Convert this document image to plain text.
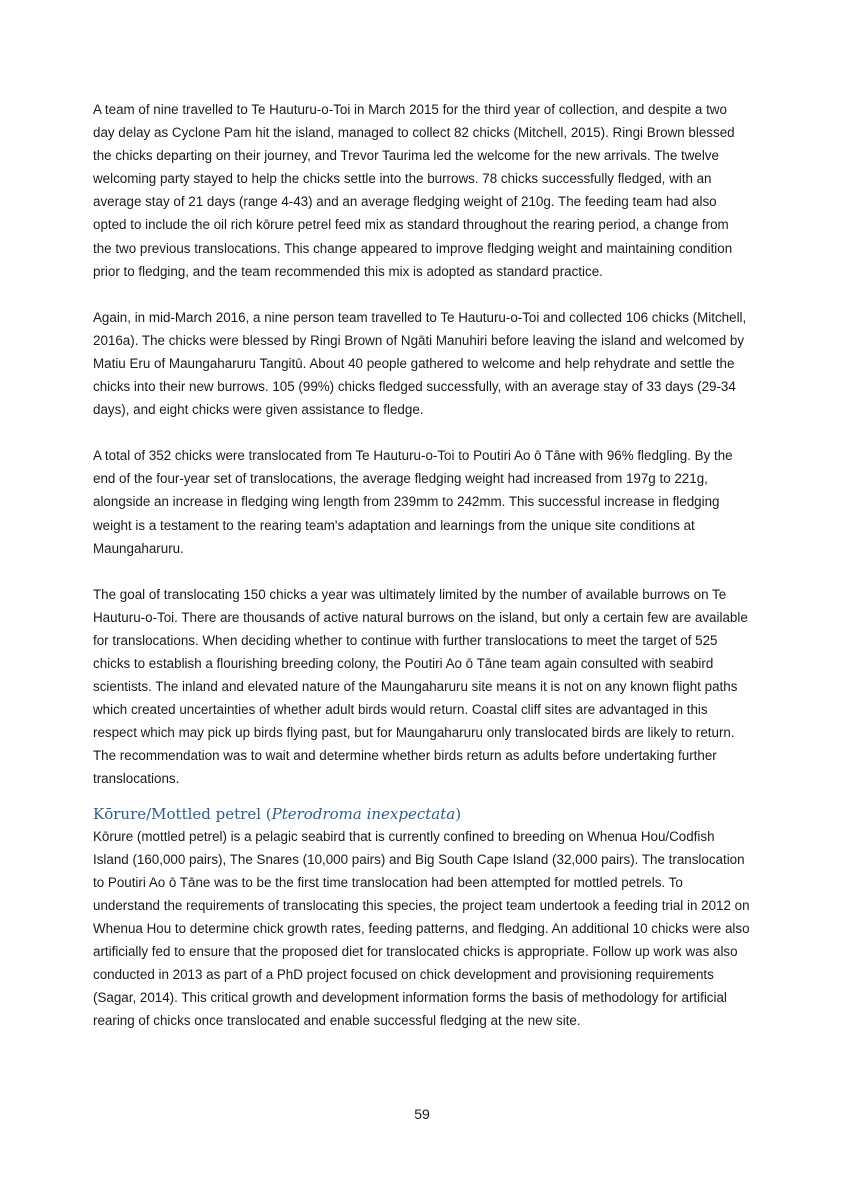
A team of nine travelled to Te Hauturu-o-Toi in March 2015 for the third year of collection, and despite a two day delay as Cyclone Pam hit the island, managed to collect 82 chicks (Mitchell, 2015). Ringi Brown blessed the chicks departing on their journey, and Trevor Taurima led the welcome for the new arrivals. The twelve welcoming party stayed to help the chicks settle into the burrows. 78 chicks successfully fledged, with an average stay of 21 days (range 4-43) and an average fledging weight of 210g. The feeding team had also opted to include the oil rich kōrure petrel feed mix as standard throughout the rearing period, a change from the two previous translocations. This change appeared to improve fledging weight and maintaining condition prior to fledging, and the team recommended this mix is adopted as standard practice.

Again, in mid-March 2016, a nine person team travelled to Te Hauturu-o-Toi and collected 106 chicks (Mitchell, 2016a). The chicks were blessed by Ringi Brown of Ngāti Manuhiri before leaving the island and welcomed by Matiu Eru of Maungaharuru Tangitū. About 40 people gathered to welcome and help rehydrate and settle the chicks into their new burrows. 105 (99%) chicks fledged successfully, with an average stay of 33 days (29-34 days), and eight chicks were given assistance to fledge.

A total of 352 chicks were translocated from Te Hauturu-o-Toi to Poutiri Ao ō Tāne with 96% fledgling. By the end of the four-year set of translocations, the average fledging weight had increased from 197g to 221g, alongside an increase in fledging wing length from 239mm to 242mm. This successful increase in fledging weight is a testament to the rearing team's adaptation and learnings from the unique site conditions at Maungaharuru.

The goal of translocating 150 chicks a year was ultimately limited by the number of available burrows on Te Hauturu-o-Toi. There are thousands of active natural burrows on the island, but only a certain few are available for translocations. When deciding whether to continue with further translocations to meet the target of 525 chicks to establish a flourishing breeding colony, the Poutiri Ao ō Tāne team again consulted with seabird scientists. The inland and elevated nature of the Maungaharuru site means it is not on any known flight paths which created uncertainties of whether adult birds would return. Coastal cliff sites are advantaged in this respect which may pick up birds flying past, but for Maungaharuru only translocated birds are likely to return. The recommendation was to wait and determine whether birds return as adults before undertaking further translocations.

Kōrure/Mottled petrel (Pterodroma inexpectata)

Kōrure (mottled petrel) is a pelagic seabird that is currently confined to breeding on Whenua Hou/Codfish Island (160,000 pairs), The Snares (10,000 pairs) and Big South Cape Island (32,000 pairs). The translocation to Poutiri Ao ō Tāne was to be the first time translocation had been attempted for mottled petrels. To understand the requirements of translocating this species, the project team undertook a feeding trial in 2012 on Whenua Hou to determine chick growth rates, feeding patterns, and fledging. An additional 10 chicks were also artificially fed to ensure that the proposed diet for translocated chicks is appropriate. Follow up work was also conducted in 2013 as part of a PhD project focused on chick development and provisioning requirements (Sagar, 2014). This critical growth and development information forms the basis of methodology for artificial rearing of chicks once translocated and enable successful fledging at the new site.

59
